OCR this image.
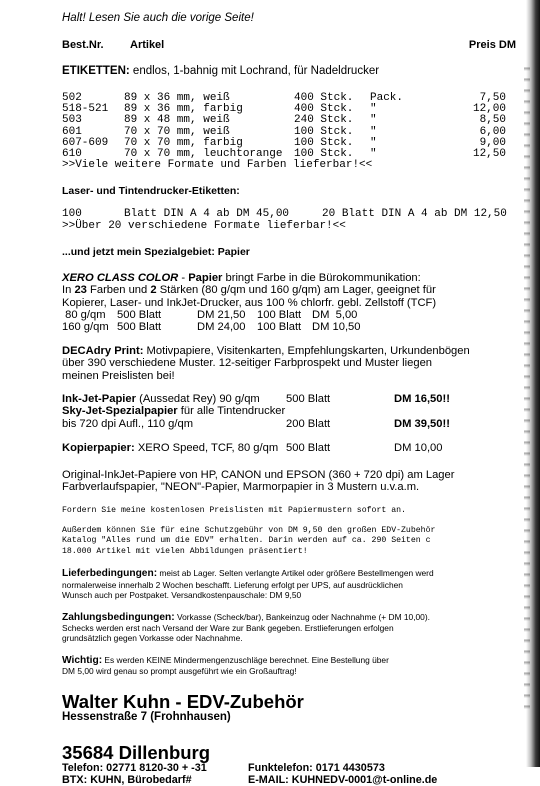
Halt! Lesen Sie auch die vorige Seite!
Best.Nr. Artikel	Preis DM
ETIKETTEN: endlos, 1-bahnig mit Lochrand, für Nadeldrucker
502	89 x 36 mm, weiß	400 Stck.	Pack.	7,50
518-521	89 x 36 mm, farbig	400 Stck.	"	12,00
503	89 x 48 mm, weiß	240 Stck.	"	8,50
601	70 x 70 mm, weiß	100 Stck.	"	6,00
607-609	70 x 70 mm, farbig	100 Stck.	"	9,00
610	70 x 70 mm, leuchtorange	100 Stck.	"	12,50
>>Viele weitere Formate und Farben lieferbar!<<
Laser- und Tintendrucker-Etiketten:
100	Blatt DIN A 4 ab DM 45,00     20 Blatt DIN A 4 ab DM 12,50
>>Über 20 verschiedene Formate lieferbar!<<
...und jetzt mein Spezialgebiet: Papier
XERO CLASS COLOR - Papier bringt Farbe in die Bürokommunikation:
In 23 Farben und 2 Stärken (80 g/qm und 160 g/qm) am Lager, geeignet für
Kopierer, Laser- und InkJet-Drucker, aus 100 % chlorfr. gebl. Zellstoff (TCF)
80 g/qm	500 Blatt	DM 21,50	100 Blatt DM  5,00
160 g/qm 500 Blatt	DM 24,00	100 Blatt DM 10,50
DECAdry Print: Motivpapiere, Visitenkarten, Empfehlungskarten, Urkundenbögen
über 390 verschiedene Muster. 12-seitiger Farbprospekt und Muster liegen
meinen Preislisten bei!
Ink-Jet-Papier (Aussedat Rey) 90 g/qm	500 Blatt	DM 16,50!!
Sky-Jet-Spezialpapier für alle Tintendrucker
bis 720 dpi Aufl., 110 g/qm	200 Blatt	DM 39,50!!
Kopierpapier: XERO Speed, TCF, 80 g/qm 500 Blatt	DM 10,00
Original-InkJet-Papiere von HP, CANON und EPSON (360 + 720 dpi) am Lager
Farbverlaufspapier, "NEON"-Papier, Marmorpapier in 3 Mustern u.v.a.m.
Fordern Sie meine kostenlosen Preislisten mit Papiermustern sofort an.
Außerdem können Sie für eine Schutzgebühr von DM 9,50 den großen EDV-Zubehör
Katalog "Alles rund um die EDV" erhalten. Darin werden auf ca. 290 Seiten c
18.000 Artikel mit vielen Abbildungen präsentiert!
Lieferbedingungen: meist ab Lager. Selten verlangte Artikel oder größere Bestellmengen werd
normalerweise innerhalb 2 Wochen beschafft. Lieferung erfolgt per UPS, auf ausdrücklichen
Wunsch auch per Postpaket. Versandkostenpauschale: DM 9,50
Zahlungsbedingungen: Vorkasse (Scheck/bar), Bankeinzug oder Nachnahme (+ DM 10,00).
Schecks werden erst nach Versand der Ware zur Bank gegeben. Erstlieferungen erfolgen
grundsätzlich gegen Vorkasse oder Nachnahme.
Wichtig: Es werden KEINE Mindermengenzuschläge berechnet. Eine Bestellung über
DM 5,00 wird genau so prompt ausgeführt wie ein Großauftrag!
Walter Kuhn - EDV-Zubehör
Hessenstraße 7 (Frohnhausen)
35684 Dillenburg
Telefon: 02771 8120-30 + -31	Funktelefon: 0171 4430573
BTX: KUHN, Bürobedarf#	E-MAIL: KUHNEDV-0001@t-online.de
